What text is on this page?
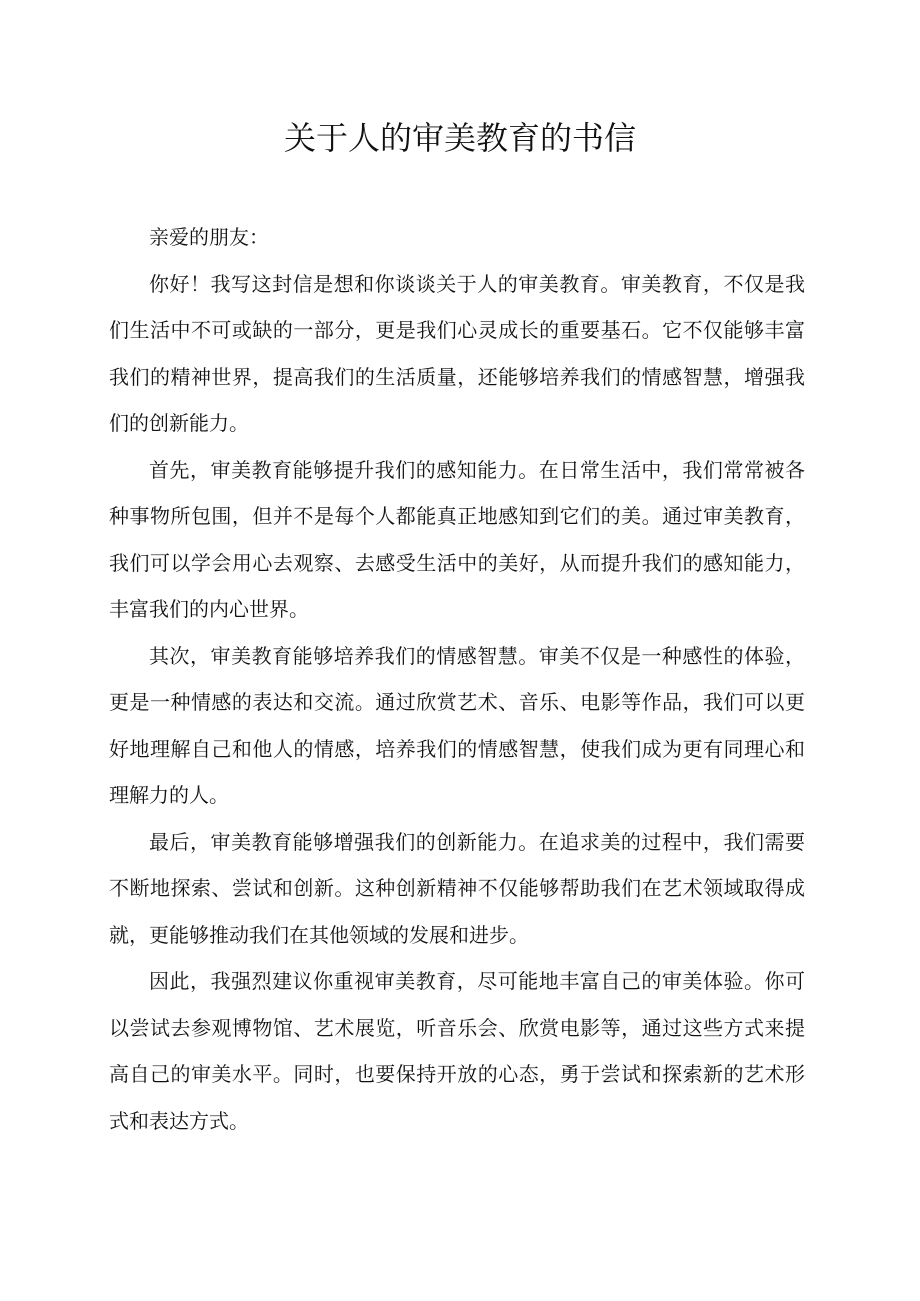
关于人的审美教育的书信

亲爱的朋友：

你好！我写这封信是想和你谈谈关于人的审美教育。审美教育，不仅是我们生活中不可或缺的一部分，更是我们心灵成长的重要基石。它不仅能够丰富我们的精神世界，提高我们的生活质量，还能够培养我们的情感智慧，增强我们的创新能力。

首先，审美教育能够提升我们的感知能力。在日常生活中，我们常常被各种事物所包围，但并不是每个人都能真正地感知到它们的美。通过审美教育，我们可以学会用心去观察、去感受生活中的美好，从而提升我们的感知能力，丰富我们的内心世界。

其次，审美教育能够培养我们的情感智慧。审美不仅是一种感性的体验，更是一种情感的表达和交流。通过欣赏艺术、音乐、电影等作品，我们可以更好地理解自己和他人的情感，培养我们的情感智慧，使我们成为更有同理心和理解力的人。

最后，审美教育能够增强我们的创新能力。在追求美的过程中，我们需要不断地探索、尝试和创新。这种创新精神不仅能够帮助我们在艺术领域取得成就，更能够推动我们在其他领域的发展和进步。

因此，我强烈建议你重视审美教育，尽可能地丰富自己的审美体验。你可以尝试去参观博物馆、艺术展览，听音乐会、欣赏电影等，通过这些方式来提高自己的审美水平。同时，也要保持开放的心态，勇于尝试和探索新的艺术形式和表达方式。
